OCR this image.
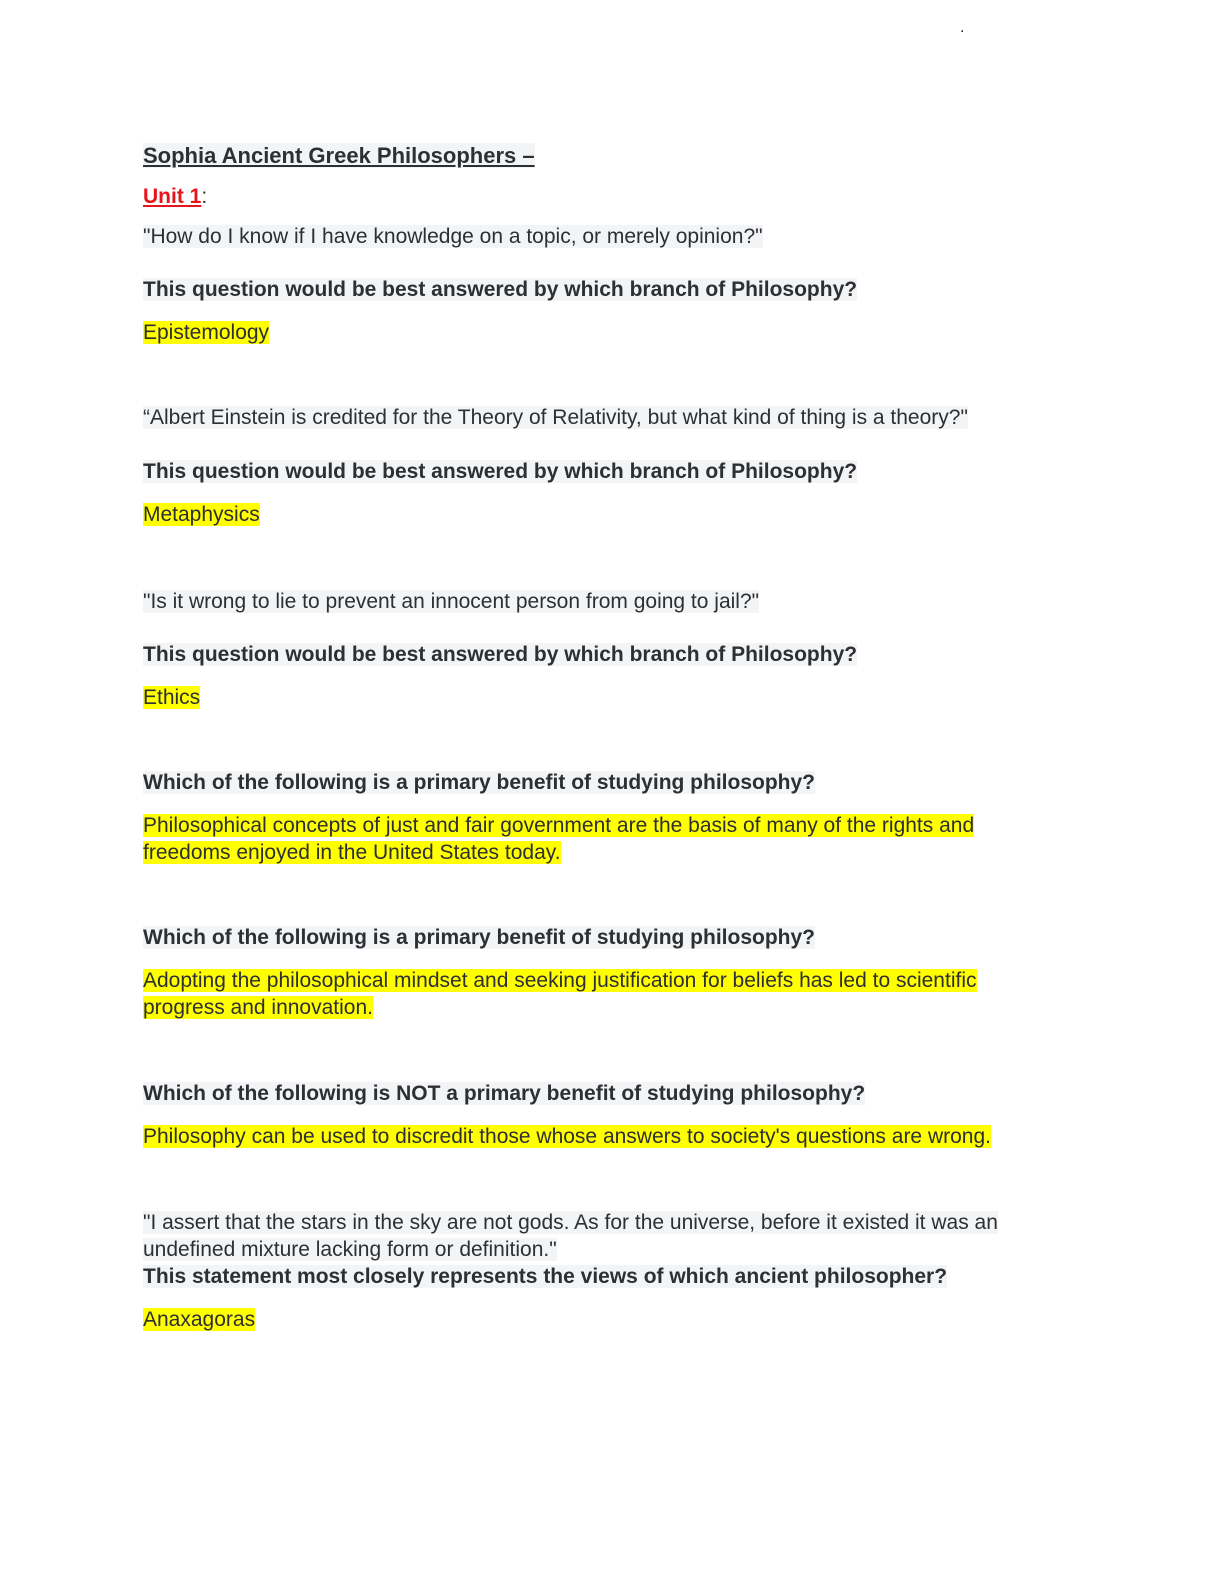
.
Sophia Ancient Greek Philosophers –
Unit 1:
"How do I know if I have knowledge on a topic, or merely opinion?"
This question would be best answered by which branch of Philosophy?
Epistemology
“Albert Einstein is credited for the Theory of Relativity, but what kind of thing is a theory?"
This question would be best answered by which branch of Philosophy?
Metaphysics
"Is it wrong to lie to prevent an innocent person from going to jail?"
This question would be best answered by which branch of Philosophy?
Ethics
Which of the following is a primary benefit of studying philosophy?
Philosophical concepts of just and fair government are the basis of many of the rights and
freedoms enjoyed in the United States today.
Which of the following is a primary benefit of studying philosophy?
Adopting the philosophical mindset and seeking justification for beliefs has led to scientific
progress and innovation.
Which of the following is NOT a primary benefit of studying philosophy?
Philosophy can be used to discredit those whose answers to society's questions are wrong.
"I assert that the stars in the sky are not gods. As for the universe, before it existed it was an
undefined mixture lacking form or definition."
This statement most closely represents the views of which ancient philosopher?
Anaxagoras
